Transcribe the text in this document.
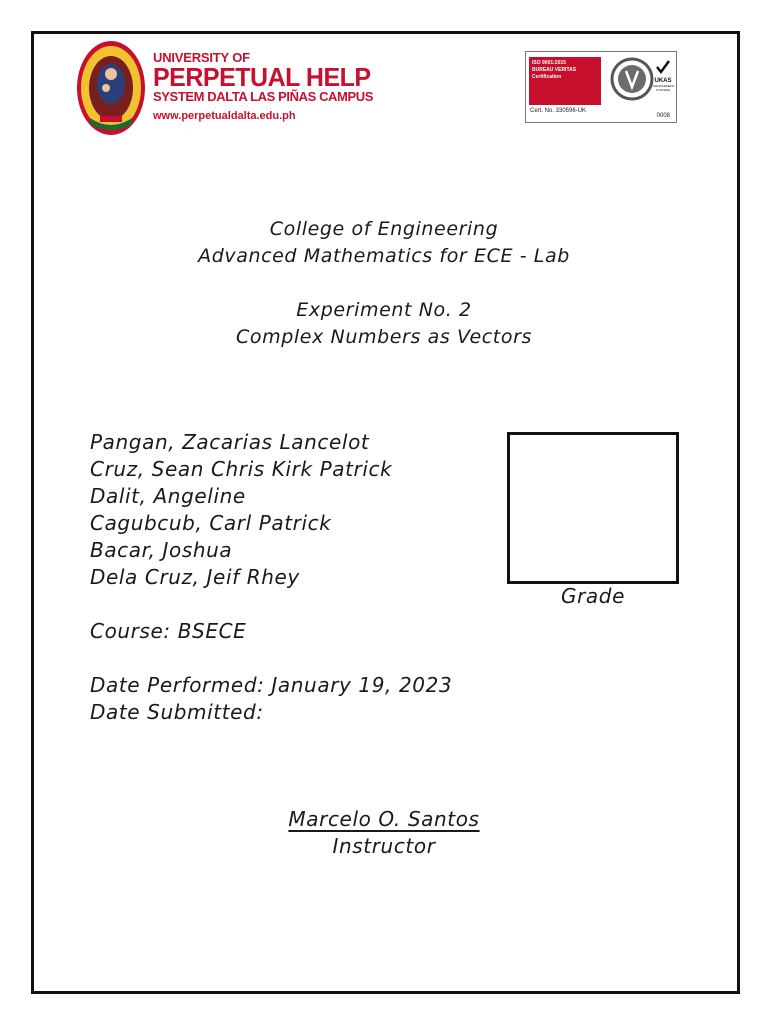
UNIVERSITY OF
PERPETUAL HELP
SYSTEM DALTA LAS PIÑAS CAMPUS
www.perpetualdalta.edu.ph
ISO 9001:2015
BUREAU VERITAS
Certification
Cert. No. 330596-UK
UKAS
MANAGEMENT SYSTEMS
0008
College of Engineering
Advanced Mathematics for ECE - Lab
Experiment No. 2
Complex Numbers as Vectors
Pangan, Zacarias Lancelot
Cruz, Sean Chris Kirk Patrick
Dalit, Angeline
Cagubcub, Carl Patrick
Bacar, Joshua
Dela Cruz, Jeif Rhey
Grade
Course: BSECE
Date Performed: January 19, 2023
Date Submitted:
Marcelo O. Santos
Instructor
